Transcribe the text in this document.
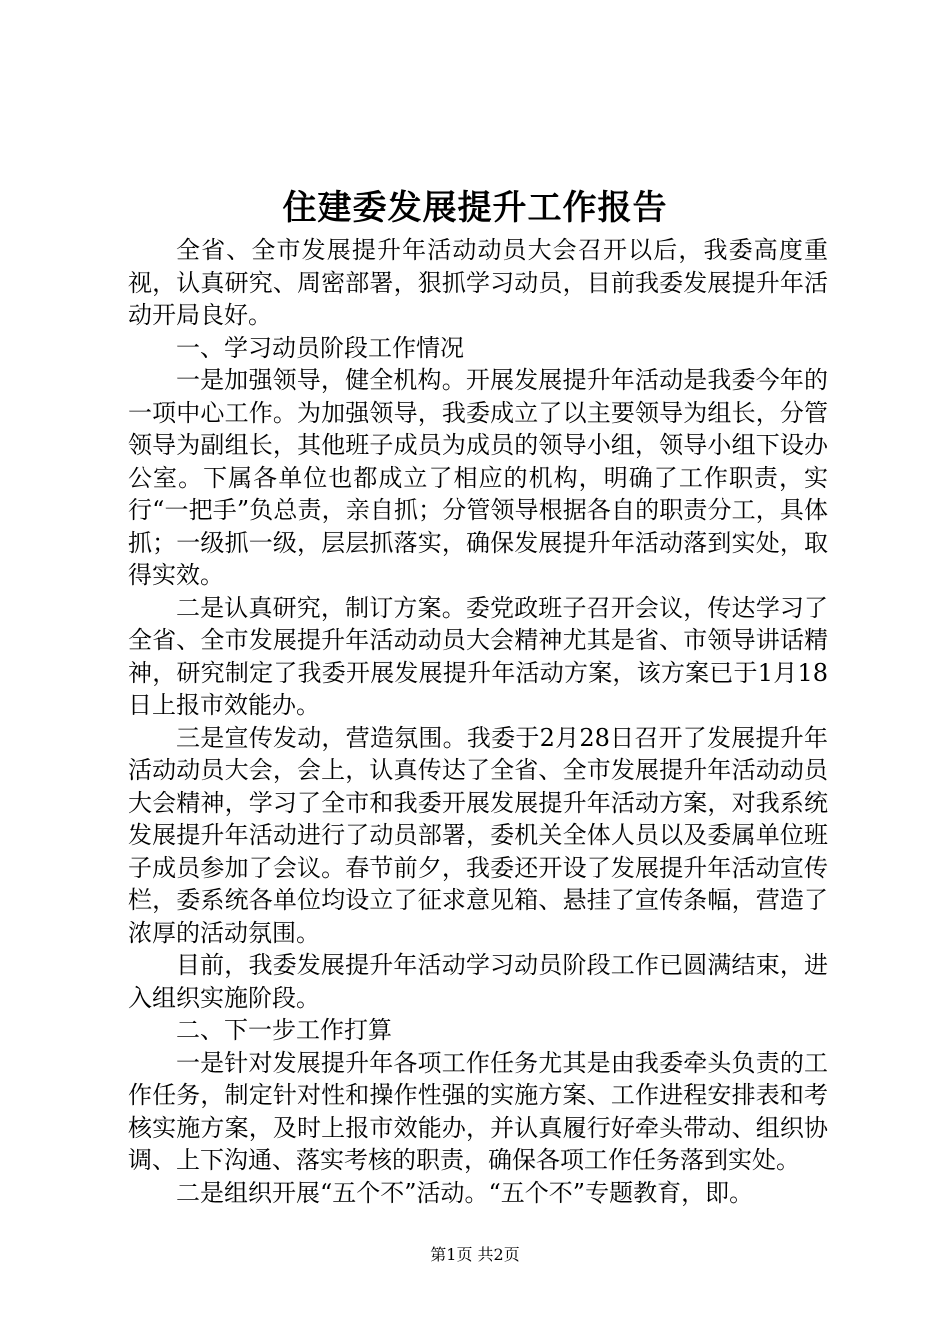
住建委发展提升工作报告

全省、全市发展提升年活动动员大会召开以后，我委高度重视，认真研究、周密部署，狠抓学习动员，目前我委发展提升年活动开局良好。

一、学习动员阶段工作情况

一是加强领导，健全机构。开展发展提升年活动是我委今年的一项中心工作。为加强领导，我委成立了以主要领导为组长，分管领导为副组长，其他班子成员为成员的领导小组，领导小组下设办公室。下属各单位也都成立了相应的机构，明确了工作职责，实行“一把手”负总责，亲自抓；分管领导根据各自的职责分工，具体抓；一级抓一级，层层抓落实，确保发展提升年活动落到实处，取得实效。

二是认真研究，制订方案。委党政班子召开会议，传达学习了全省、全市发展提升年活动动员大会精神尤其是省、市领导讲话精神，研究制定了我委开展发展提升年活动方案，该方案已于1月18日上报市效能办。

三是宣传发动，营造氛围。我委于2月28日召开了发展提升年活动动员大会，会上，认真传达了全省、全市发展提升年活动动员大会精神，学习了全市和我委开展发展提升年活动方案，对我系统发展提升年活动进行了动员部署，委机关全体人员以及委属单位班子成员参加了会议。春节前夕，我委还开设了发展提升年活动宣传栏，委系统各单位均设立了征求意见箱、悬挂了宣传条幅，营造了浓厚的活动氛围。

目前，我委发展提升年活动学习动员阶段工作已圆满结束，进入组织实施阶段。

二、下一步工作打算

一是针对发展提升年各项工作任务尤其是由我委牵头负责的工作任务，制定针对性和操作性强的实施方案、工作进程安排表和考核实施方案，及时上报市效能办，并认真履行好牵头带动、组织协调、上下沟通、落实考核的职责，确保各项工作任务落到实处。

二是组织开展“五个不”活动。“五个不”专题教育，即。

第1页 共2页
